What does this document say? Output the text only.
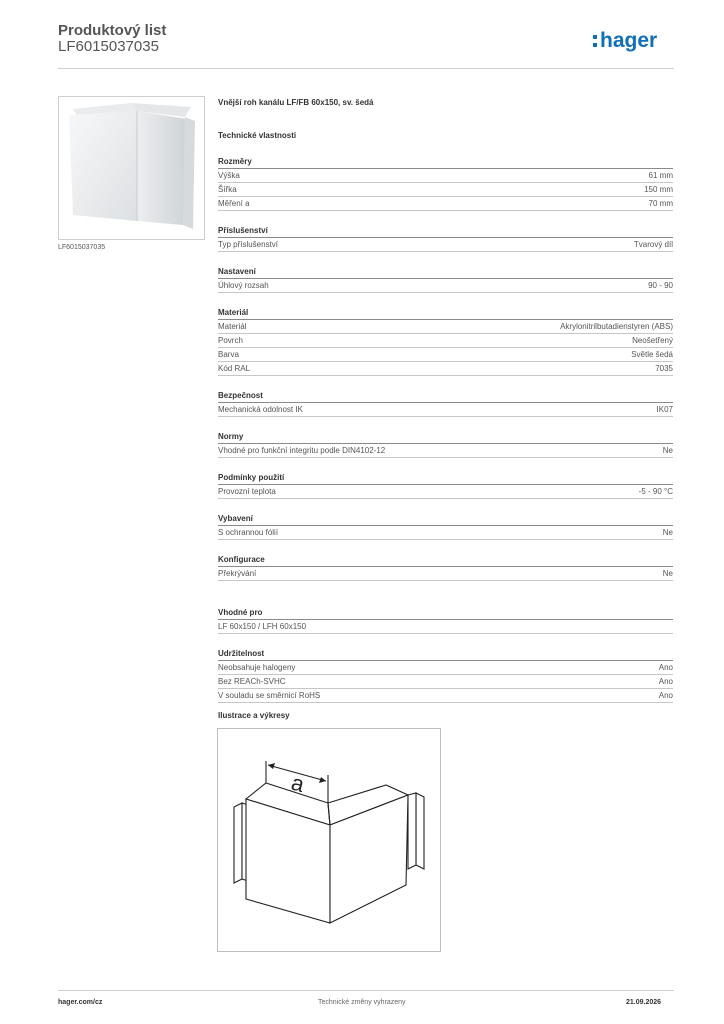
Produktový list
LF6015037035	hager
LF6015037035
Vnější roh kanálu LF/FB 60x150, sv. šedá
Technické vlastnosti
Rozměry
Výška	61 mm
Šířka	150 mm
Měření a	70 mm
Příslušenství
Typ příslušenství	Tvarový díl
Nastavení
Úhlový rozsah	90 - 90
Materiál
Materiál	Akrylonitrilbutadienstyren (ABS)
Povrch	Neošetřený
Barva	Světle šedá
Kód RAL	7035
Bezpečnost
Mechanická odolnost IK	IK07
Normy
Vhodné pro funkční integritu podle DIN4102-12	Ne
Podmínky použití
Provozní teplota	-5 - 90 °C
Vybavení
S ochrannou fólií	Ne
Konfigurace
Překrývání	Ne
Vhodné pro
LF 60x150 / LFH 60x150
Udržitelnost
Neobsahuje halogeny	Ano
Bez REACh-SVHC	Ano
V souladu se směrnicí RoHS	Ano
Ilustrace a výkresy
a
hager.com/cz	Technické změny vyhrazeny	21.09.2026
